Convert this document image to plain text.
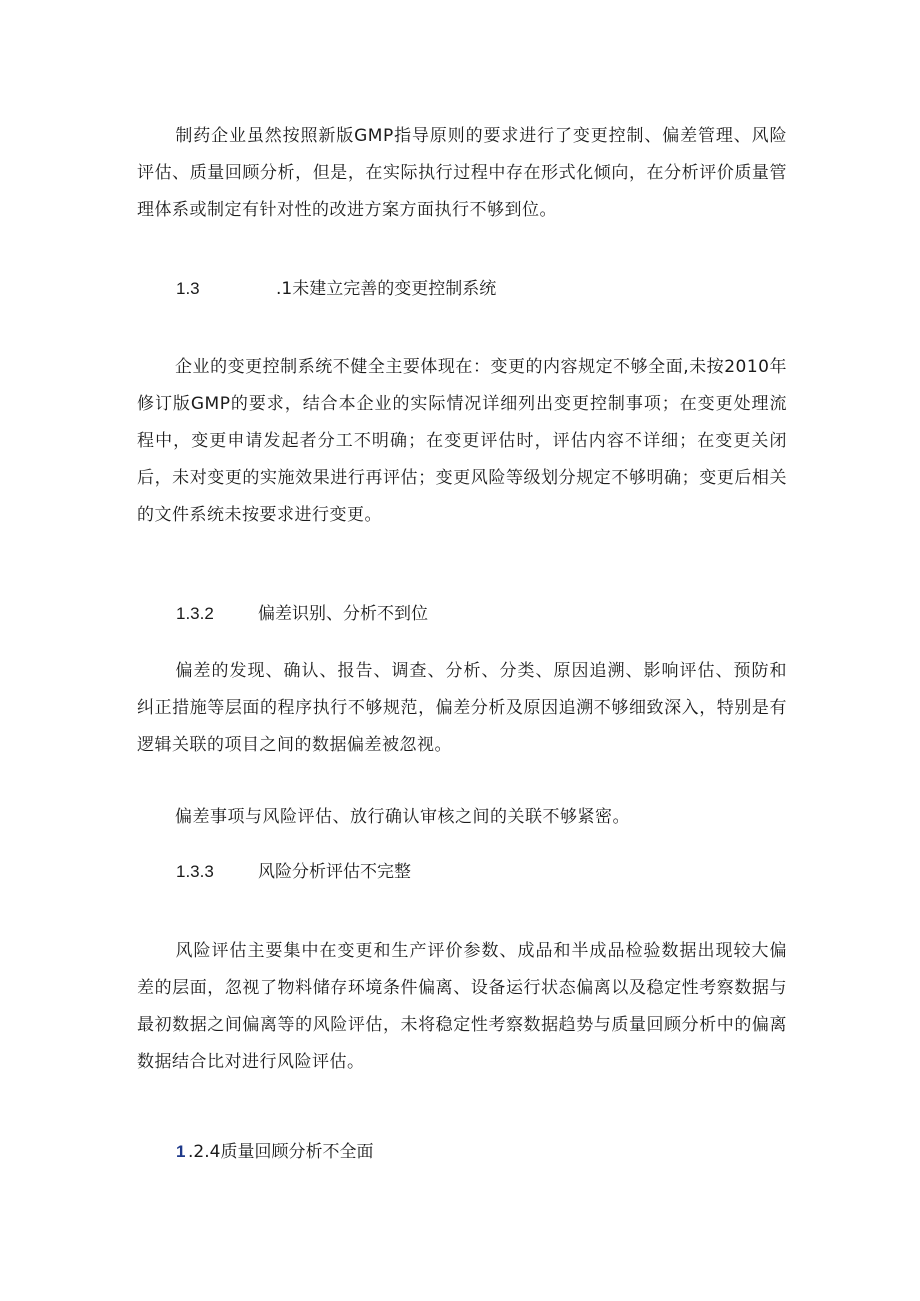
制药企业虽然按照新版GMP指导原则的要求进行了变更控制、偏差管理、风险评估、质量回顾分析，但是，在实际执行过程中存在形式化倾向，在分析评价质量管理体系或制定有针对性的改进方案方面执行不够到位。

1.3	.1未建立完善的变更控制系统

企业的变更控制系统不健全主要体现在：变更的内容规定不够全面,未按2010年修订版GMP的要求，结合本企业的实际情况详细列出变更控制事项；在变更处理流程中，变更申请发起者分工不明确；在变更评估时，评估内容不详细；在变更关闭后，未对变更的实施效果进行再评估；变更风险等级划分规定不够明确；变更后相关的文件系统未按要求进行变更。

1.3.2	偏差识别、分析不到位

偏差的发现、确认、报告、调查、分析、分类、原因追溯、影响评估、预防和纠正措施等层面的程序执行不够规范，偏差分析及原因追溯不够细致深入，特别是有逻辑关联的项目之间的数据偏差被忽视。

偏差事项与风险评估、放行确认审核之间的关联不够紧密。

1.3.3	风险分析评估不完整

风险评估主要集中在变更和生产评价参数、成品和半成品检验数据出现较大偏差的层面，忽视了物料储存环境条件偏离、设备运行状态偏离以及稳定性考察数据与最初数据之间偏离等的风险评估，未将稳定性考察数据趋势与质量回顾分析中的偏离数据结合比对进行风险评估。

1 .2.4质量回顾分析不全面
